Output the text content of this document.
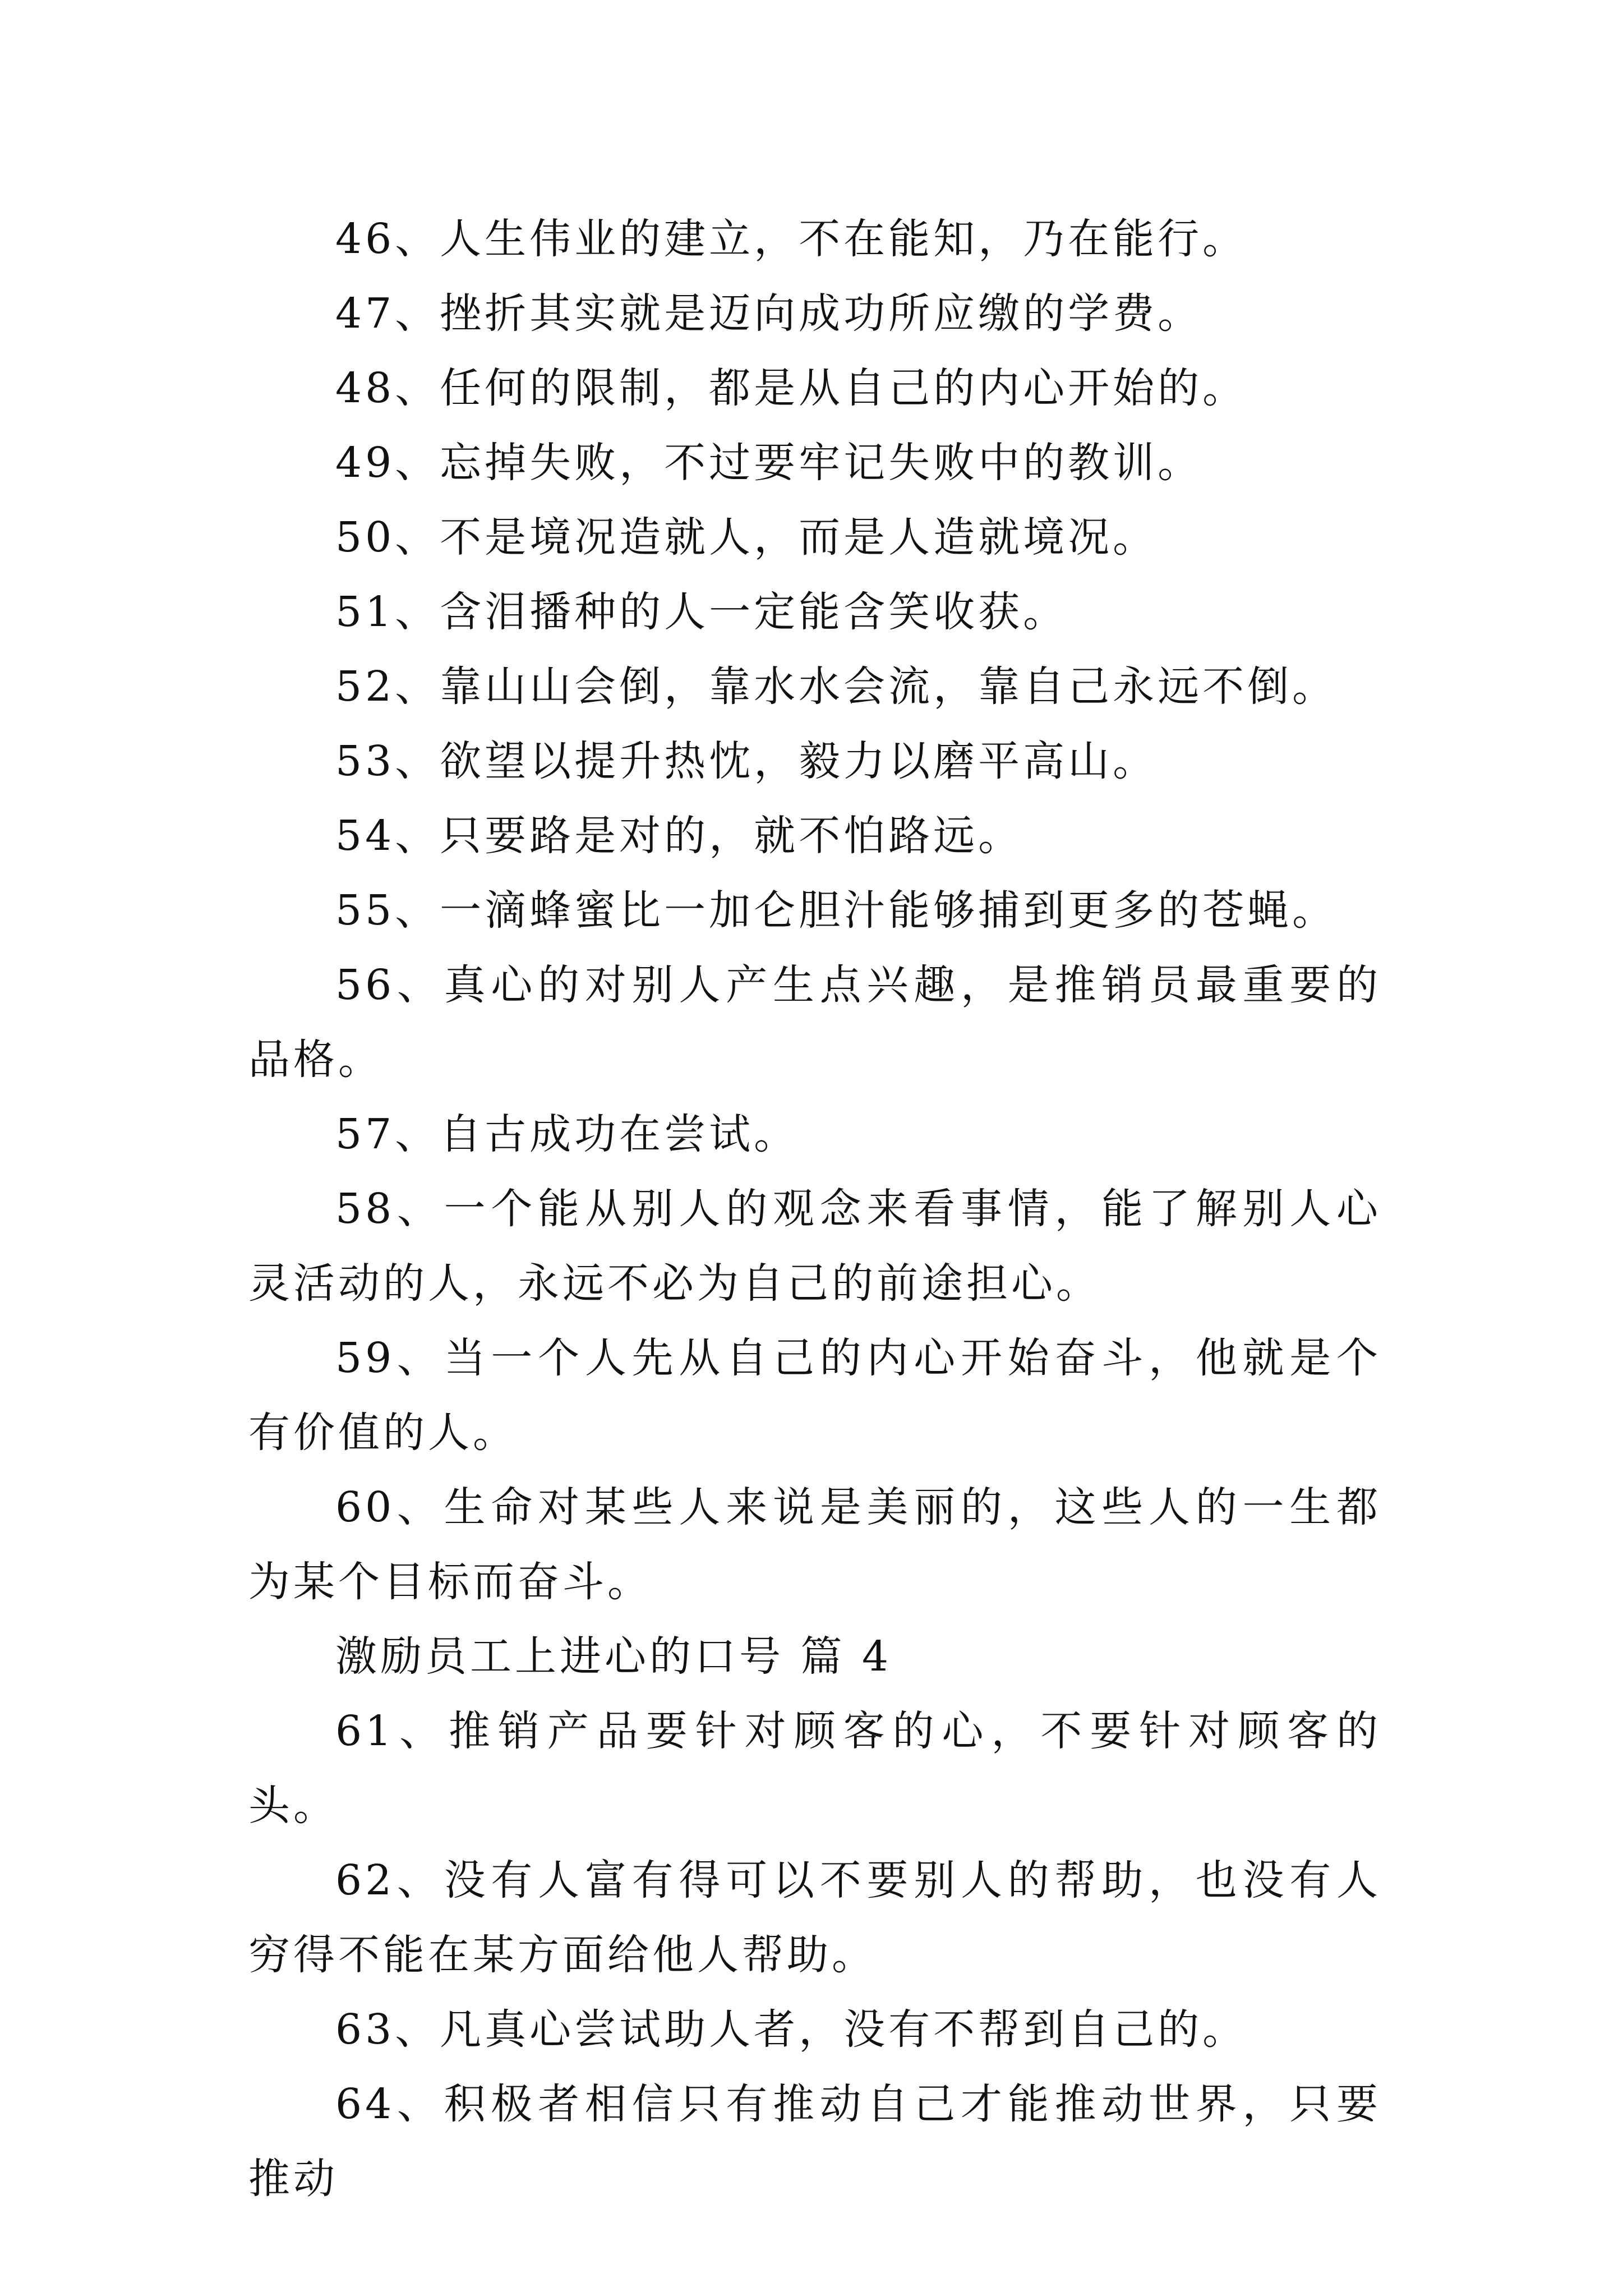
46、人生伟业的建立，不在能知，乃在能行。

47、挫折其实就是迈向成功所应缴的学费。

48、任何的限制，都是从自己的内心开始的。

49、忘掉失败，不过要牢记失败中的教训。

50、不是境况造就人，而是人造就境况。

51、含泪播种的人一定能含笑收获。

52、靠山山会倒，靠水水会流，靠自己永远不倒。

53、欲望以提升热忱，毅力以磨平高山。

54、只要路是对的，就不怕路远。

55、一滴蜂蜜比一加仑胆汁能够捕到更多的苍蝇。

56、真心的对别人产生点兴趣，是推销员最重要的品格。

57、自古成功在尝试。

58、一个能从别人的观念来看事情，能了解别人心灵活动的人，永远不必为自己的前途担心。

59、当一个人先从自己的内心开始奋斗，他就是个有价值的人。

60、生命对某些人来说是美丽的，这些人的一生都为某个目标而奋斗。

激励员工上进心的口号 篇 4

61、推销产品要针对顾客的心，不要针对顾客的头。

62、没有人富有得可以不要别人的帮助，也没有人穷得不能在某方面给他人帮助。

63、凡真心尝试助人者，没有不帮到自己的。

64、积极者相信只有推动自己才能推动世界，只要推动
